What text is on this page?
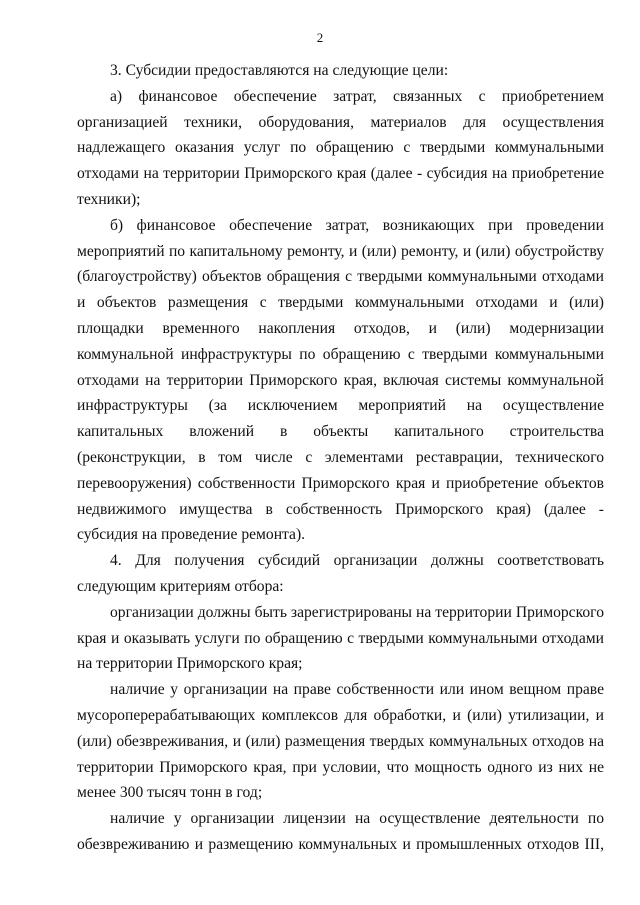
2

3. Субсидии предоставляются на следующие цели:

а) финансовое обеспечение затрат, связанных с приобретением организацией техники, оборудования, материалов для осуществления надлежащего оказания услуг по обращению с твердыми коммунальными отходами на территории Приморского края (далее - субсидия на приобретение техники);

б) финансовое обеспечение затрат, возникающих при проведении мероприятий по капитальному ремонту, и (или) ремонту, и (или) обустройству (благоустройству) объектов обращения с твердыми коммунальными отходами и объектов размещения с твердыми коммунальными отходами и (или) площадки временного накопления отходов, и (или) модернизации коммунальной инфраструктуры по обращению с твердыми коммунальными отходами на территории Приморского края, включая системы коммунальной инфраструктуры (за исключением мероприятий на осуществление капитальных вложений в объекты капитального строительства (реконструкции, в том числе с элементами реставрации, технического перевооружения) собственности Приморского края и приобретение объектов недвижимого имущества в собственность Приморского края) (далее - субсидия на проведение ремонта).

4. Для получения субсидий организации должны соответствовать следующим критериям отбора:

организации должны быть зарегистрированы на территории Приморского края и оказывать услуги по обращению с твердыми коммунальными отходами на территории Приморского края;

наличие у организации на праве собственности или ином вещном праве мусороперерабатывающих комплексов для обработки, и (или) утилизации, и (или) обезвреживания, и (или) размещения твердых коммунальных отходов на территории Приморского края, при условии, что мощность одного из них не менее 300 тысяч тонн в год;

наличие у организации лицензии на осуществление деятельности по обезвреживанию и размещению коммунальных и промышленных отходов III,
